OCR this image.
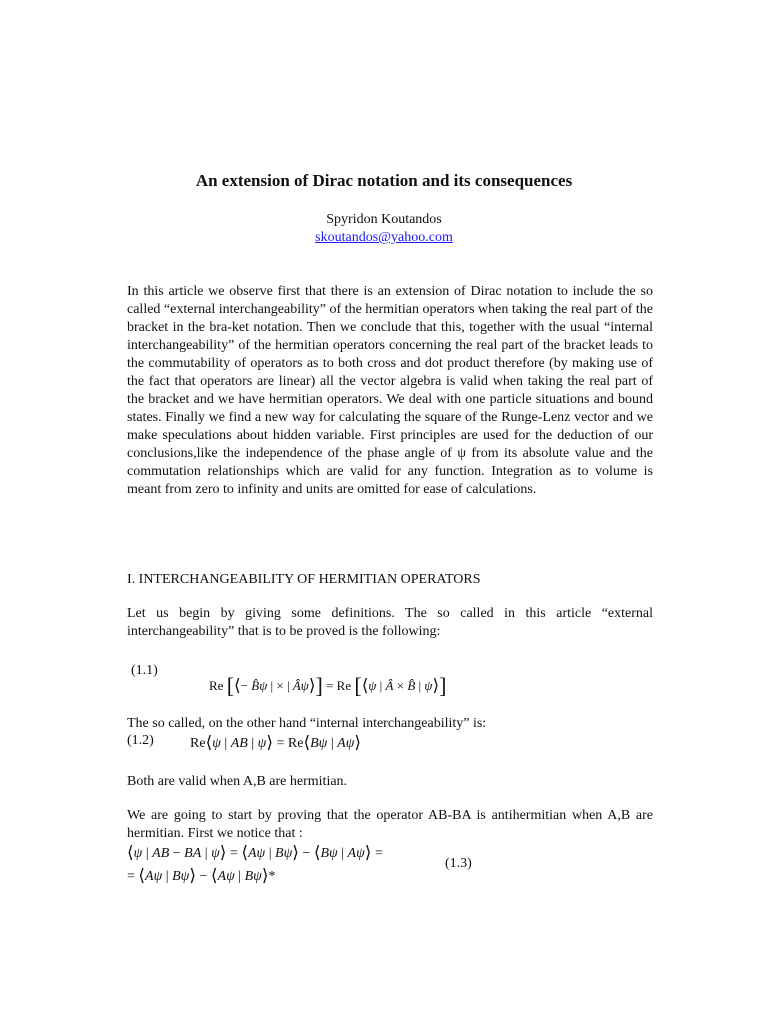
An extension of Dirac notation and its consequences
Spyridon Koutandos
skoutandos@yahoo.com

In this article we observe first that there is an extension of Dirac notation to include the so called “external interchangeability” of the hermitian operators when taking the real part of the bracket in the bra-ket notation. Then we conclude that this, together with the usual “internal interchangeability” of the hermitian operators concerning the real part of the bracket leads to the commutability of operators as to both cross and dot product therefore (by making use of the fact that operators are linear) all the vector algebra is valid when taking the real part of the bracket and we have hermitian operators. We deal with one particle situations and bound states. Finally we find a new way for calculating the square of the Runge-Lenz vector and we make speculations about hidden variable. First principles are used for the deduction of our conclusions,like the independence of the phase angle of ψ from its absolute value and the commutation relationships which are valid for any function. Integration as to volume is meant from zero to infinity and units are omitted for ease of calculations.

I. INTERCHANGEABILITY OF HERMITIAN OPERATORS

Let us begin by giving some definitions. The so called in this article “external interchangeability” that is to be proved is the following:

(1.1)
Re [⟨− B̂ψ | × | Âψ⟩] = Re [⟨ψ | Â × B̂ | ψ⟩]

The so called, on the other hand “internal interchangeability” is:

(1.2)	Re⟨ψ | AB | ψ⟩ = Re⟨Bψ | Aψ⟩

Both are valid when A,B are hermitian.

We are going to start by proving that the operator AB-BA is antihermitian when A,B are hermitian. First we notice that :

⟨ψ | AB − BA | ψ⟩ = ⟨Aψ | Bψ⟩ − ⟨Bψ | Aψ⟩ =
= ⟨Aψ | Bψ⟩ − ⟨Aψ | Bψ⟩*
(1.3)
